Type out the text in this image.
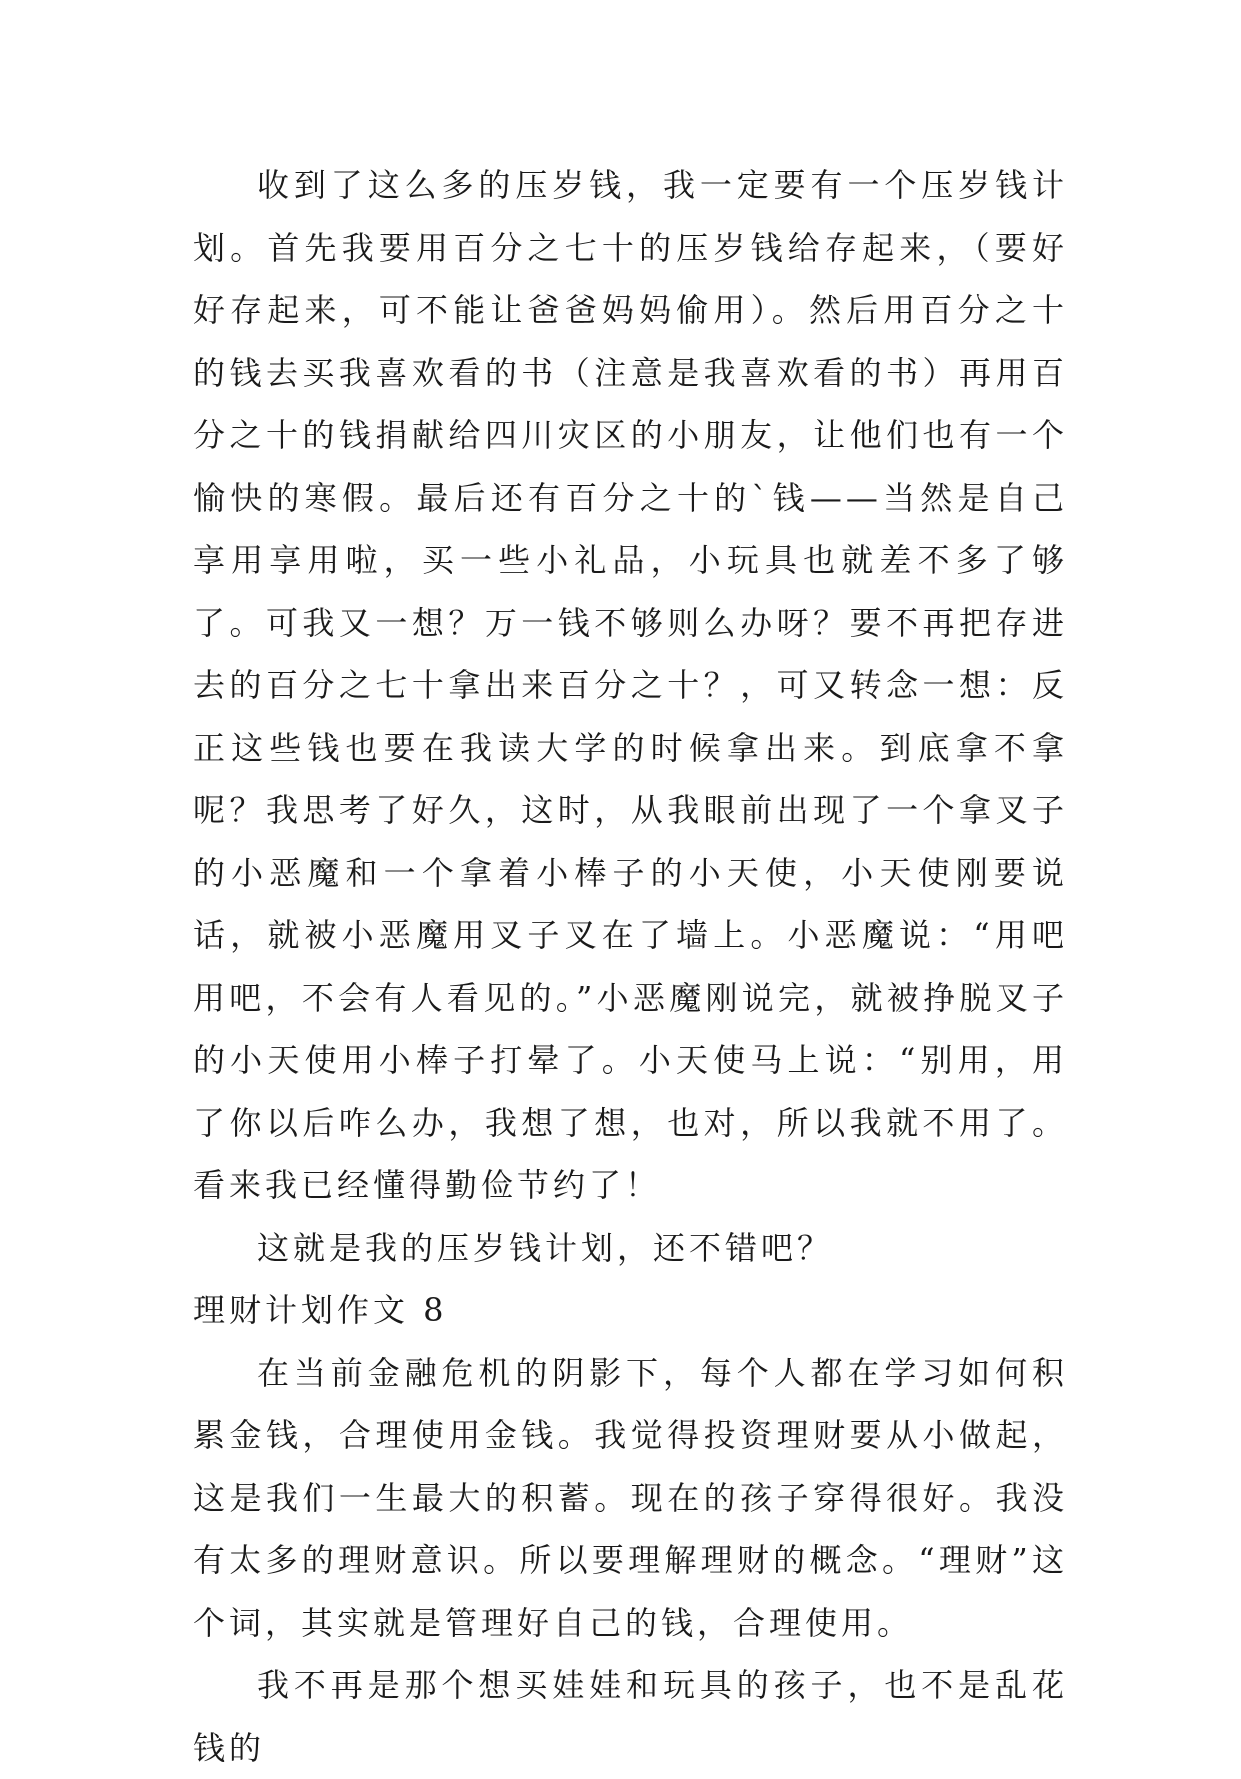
收到了这么多的压岁钱，我一定要有一个压岁钱计划。首先我要用百分之七十的压岁钱给存起来，（要好好存起来，可不能让爸爸妈妈偷用）。然后用百分之十的钱去买我喜欢看的书（注意是我喜欢看的书）再用百分之十的钱捐献给四川灾区的小朋友，让他们也有一个愉快的寒假。最后还有百分之十的`钱——当然是自己享用享用啦，买一些小礼品，小玩具也就差不多了够了。可我又一想？万一钱不够则么办呀？要不再把存进去的百分之七十拿出来百分之十？，可又转念一想：反正这些钱也要在我读大学的时候拿出来。到底拿不拿呢？我思考了好久，这时，从我眼前出现了一个拿叉子的小恶魔和一个拿着小棒子的小天使，小天使刚要说话，就被小恶魔用叉子叉在了墙上。小恶魔说：“用吧用吧，不会有人看见的。”小恶魔刚说完，就被挣脱叉子的小天使用小棒子打晕了。小天使马上说：“别用，用了你以后咋么办，我想了想，也对，所以我就不用了。看来我已经懂得勤俭节约了！

这就是我的压岁钱计划，还不错吧？

理财计划作文 8

在当前金融危机的阴影下，每个人都在学习如何积累金钱，合理使用金钱。我觉得投资理财要从小做起，这是我们一生最大的积蓄。现在的孩子穿得很好。我没有太多的理财意识。所以要理解理财的概念。“理财”这个词，其实就是管理好自己的钱，合理使用。

我不再是那个想买娃娃和玩具的孩子，也不是乱花钱的
